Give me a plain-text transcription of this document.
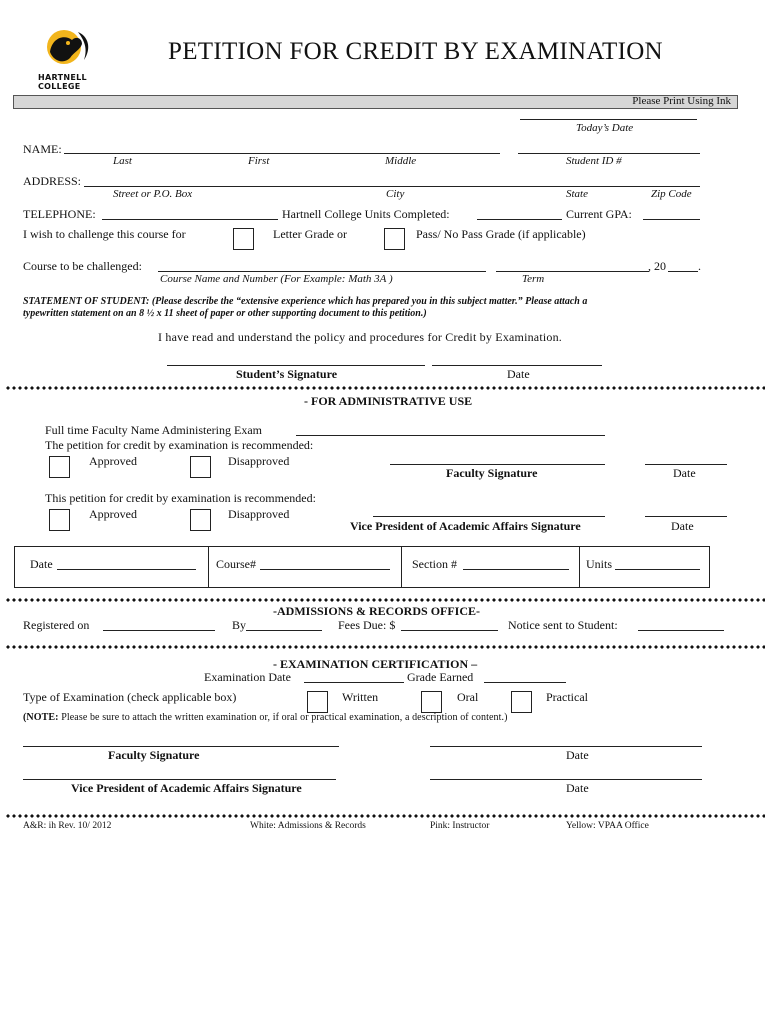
HARTNELL COLLEGE
PETITION FOR CREDIT BY EXAMINATION
Please Print Using Ink
Today’s Date
NAME:
Last	First	Middle	Student ID #
ADDRESS:
Street or P.O. Box	City	State	Zip Code
TELEPHONE:	Hartnell College Units Completed:	Current GPA:
I wish to challenge this course for	Letter Grade or	Pass/ No Pass Grade (if applicable)
Course to be challenged:	, 20	.
Course Name and Number (For Example: Math 3A )	Term
STATEMENT OF STUDENT: (Please describe the “extensive experience which has prepared you in this subject matter.” Please attach a
typewritten statement on an 8 ½ x 11 sheet of paper or other supporting document to this petition.)
I have read and understand the policy and procedures for Credit by Examination.
Student’s Signature	Date
- FOR ADMINISTRATIVE USE
Full time Faculty Name Administering Exam
The petition for credit by examination is recommended:
Approved	Disapproved
Faculty Signature	Date
This petition for credit by examination is recommended:
Approved	Disapproved
Vice President of Academic Affairs Signature	Date
Date	Course#	Section #	Units
-ADMISSIONS & RECORDS OFFICE-
Registered on	By	Fees Due: $	Notice sent to Student:
- EXAMINATION CERTIFICATION –
Examination Date	Grade Earned
Type of Examination (check applicable box)	Written	Oral	Practical
(NOTE: Please be sure to attach the written examination or, if oral or practical examination, a description of content.)
Faculty Signature	Date
Vice President of Academic Affairs Signature	Date
A&R: ih Rev. 10/ 2012	White: Admissions & Records	Pink: Instructor	Yellow: VPAA Office
